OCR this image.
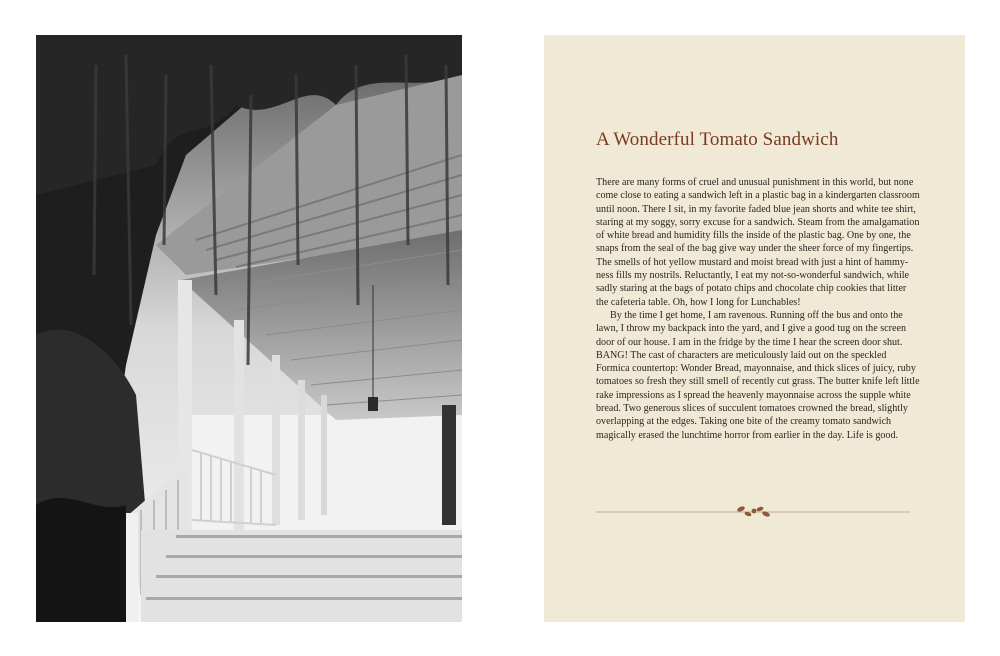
A Wonderful Tomato Sandwich

There are many forms of cruel and unusual punishment in this world, but none come close to eating a sandwich left in a plastic bag in a kindergarten classroom until noon. There I sit, in my favorite faded blue jean shorts and white tee shirt, staring at my soggy, sorry excuse for a sandwich. Steam from the amalgamation of white bread and humidity fills the inside of the plastic bag. One by one, the snaps from the seal of the bag give way under the sheer force of my fingertips. The smells of hot yellow mustard and moist bread with just a hint of hammy-ness fills my nostrils. Reluctantly, I eat my not-so-wonderful sandwich, while sadly staring at the bags of potato chips and chocolate chip cookies that litter the cafeteria table. Oh, how I long for Lunchables!

By the time I get home, I am ravenous. Running off the bus and onto the lawn, I throw my backpack into the yard, and I give a good tug on the screen door of our house. I am in the fridge by the time I hear the screen door shut. BANG! The cast of characters are meticulously laid out on the speckled Formica countertop: Wonder Bread, mayonnaise, and thick slices of juicy, ruby tomatoes so fresh they still smell of recently cut grass. The butter knife left little rake impressions as I spread the heavenly mayonnaise across the supple white bread. Two generous slices of succulent tomatoes crowned the bread, slightly overlapping at the edges. Taking one bite of the creamy tomato sandwich magically erased the lunchtime horror from earlier in the day. Life is good.
